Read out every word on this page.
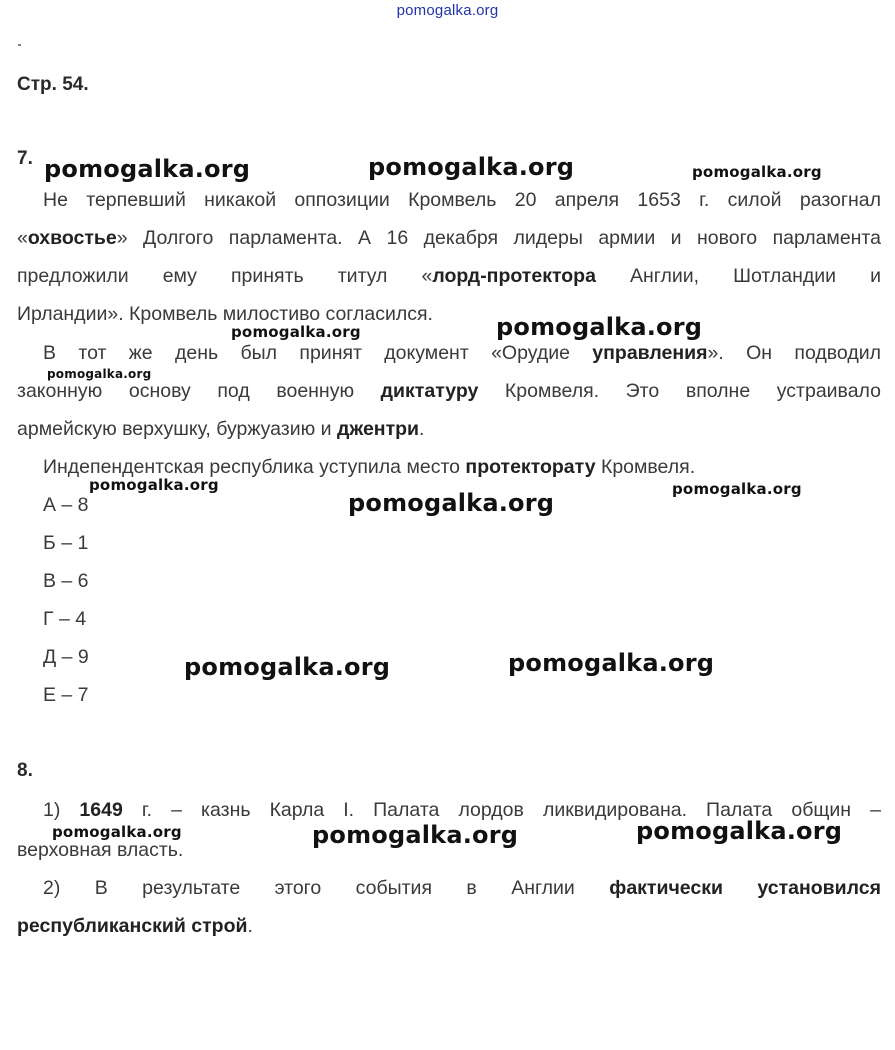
pomogalka.org
Стр. 54.
7.
Не терпевший никакой оппозиции Кромвель 20 апреля 1653 г. силой разогнал
«охвостье» Долгого парламента. А 16 декабря лидеры армии и нового парламента
предложили ему принять титул «лорд-протектора Англии, Шотландии и
Ирландии». Кромвель милостиво согласился.
В тот же день был принят документ «Орудие управления». Он подводил
законную основу под военную диктатуру Кромвеля. Это вполне устраивало
армейскую верхушку, буржуазию и джентри.
Индепендентская республика уступила место протекторату Кромвеля.
А – 8
Б – 1
В – 6
Г – 4
Д – 9
Е – 7
8.
1) 1649 г. – казнь Карла I. Палата лордов ликвидирована. Палата общин –
верховная власть.
2) В результате этого события в Англии фактически установился
республиканский строй.
pomogalka.org	pomogalka.org	pomogalka.org
pomogalka.org	pomogalka.org
pomogalka.org
pomogalka.org
pomogalka.org	pomogalka.org
pomogalka.org	pomogalka.org
pomogalka.org	pomogalka.org	pomogalka.org
